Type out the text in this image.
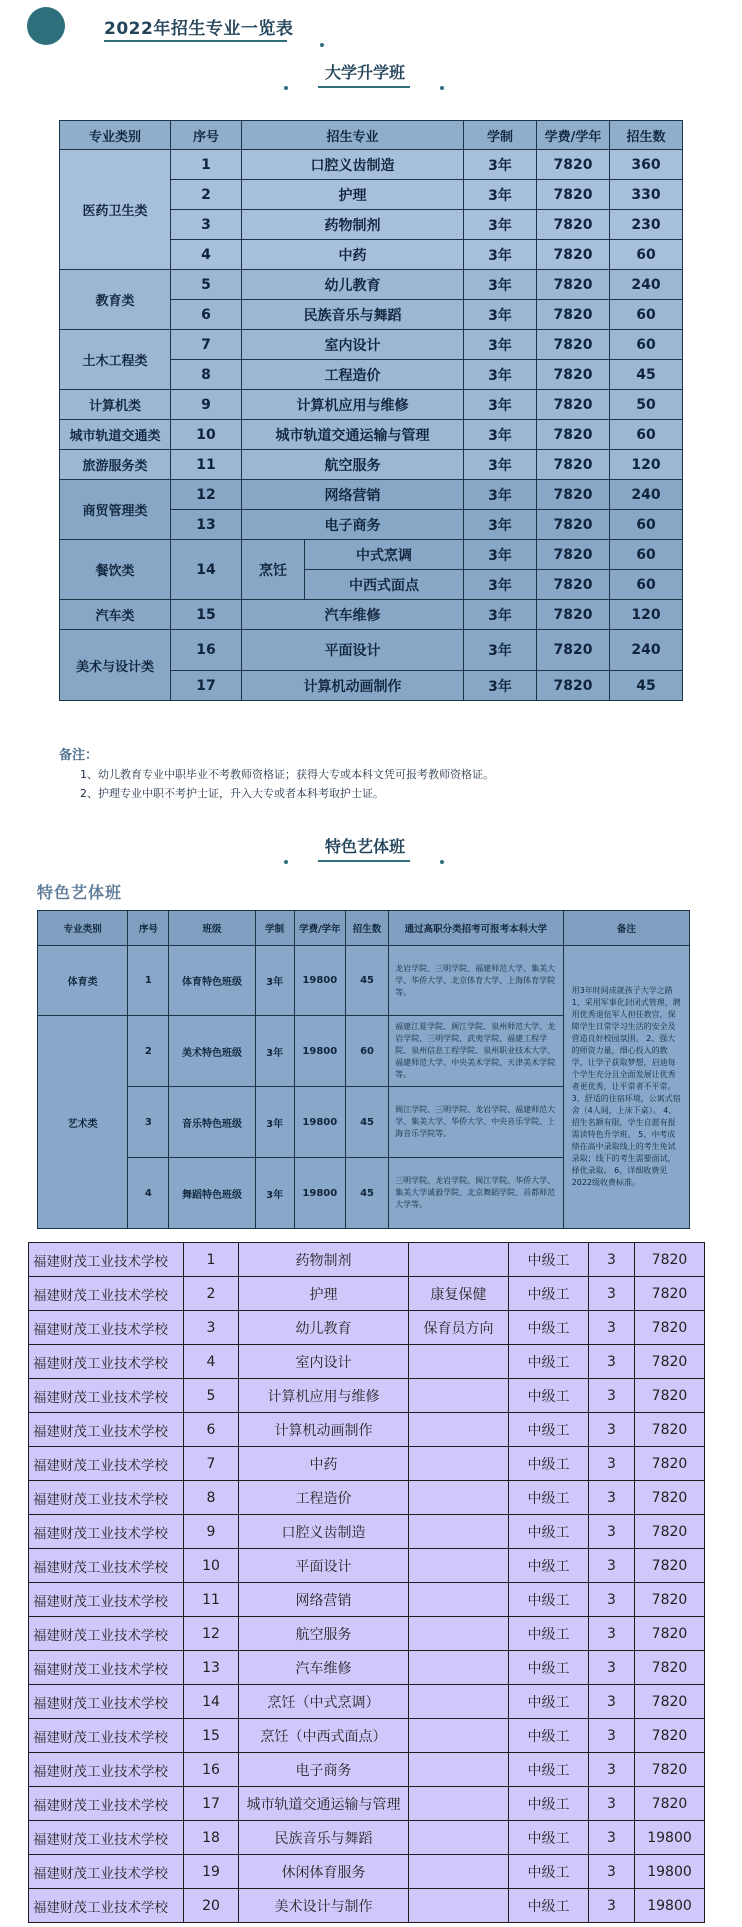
2022年招生专业一览表
大学升学班
专业类别	序号	招生专业		学制	学费/学年	招生数
医药卫生类	1	口腔义齿制造		3年	7820	360
	2	护理		3年	7820	330
	3	药物制剂		3年	7820	230
	4	中药		3年	7820	60
教育类	5	幼儿教育		3年	7820	240
	6	民族音乐与舞蹈		3年	7820	60
土木工程类	7	室内设计		3年	7820	60
	8	工程造价		3年	7820	45
计算机类	9	计算机应用与维修		3年	7820	50
城市轨道交通类	10	城市轨道交通运输与管理		3年	7820	60
旅游服务类	11	航空服务		3年	7820	120
商贸管理类	12	网络营销		3年	7820	240
	13	电子商务		3年	7820	60
餐饮类	14	烹饪	中式烹调	3年	7820	60
			中西式面点	3年	7820	60
汽车类	15	汽车维修		3年	7820	120
美术与设计类	16	平面设计		3年	7820	240
	17	计算机动画制作		3年	7820	45
备注：
1、幼儿教育专业中职毕业不考教师资格证；获得大专或本科文凭可报考教师资格证。
2、护理专业中职不考护士证，升入大专或者本科考取护士证。
特色艺体班
特色艺体班
专业类别	序号	班级	学制	学费/学年	招生数	通过高职分类招考可报考本科大学	备注
体育类	1	体育特色班级	3年	19800	45	龙岩学院、三明学院、福建师范大学、集美大学、华侨大学、北京体育大学、上海体育学院等。	用3年时间成就孩子大学之路 1、采用军事化封闭式管理，聘用优秀退伍军人担任教官，保障学生日常学习生活的安全及营造良好校园氛围。 2、强大的师资力量，细心投入的教学，让学子获取梦想，启迪每个学生充分且全面发展让优秀者更优秀，让平常者不平常。 3、舒适的住宿环境，公寓式宿舍（4人间，上床下桌）。 4、招生名额有限，学生自愿有报需读特色升学班。 5、中考成绩在高中录取线上的考生免试录取；线下的考生需要面试，择优录取。 6、详细收费见2022级收费标准。
艺术类	2	美术特色班级	3年	19800	60	福建江夏学院、闽江学院、泉州师范大学、龙岩学院、三明学院、武夷学院、福建工程学院、泉州信息工程学院、泉州职业技术大学、福建师范大学、中央美术学院、天津美术学院等。	
	3	音乐特色班级	3年	19800	45	闽江学院、三明学院、龙岩学院、福建师范大学、集美大学、华侨大学、中央音乐学院、上海音乐学院等。	
	4	舞蹈特色班级	3年	19800	45	三明学院、龙岩学院、闽江学院、华侨大学、集美大学诚毅学院、北京舞蹈学院、首都师范大学等。	
福建财茂工业技术学校	1	药物制剂		中级工	3	7820
福建财茂工业技术学校	2	护理	康复保健	中级工	3	7820
福建财茂工业技术学校	3	幼儿教育	保育员方向	中级工	3	7820
福建财茂工业技术学校	4	室内设计		中级工	3	7820
福建财茂工业技术学校	5	计算机应用与维修		中级工	3	7820
福建财茂工业技术学校	6	计算机动画制作		中级工	3	7820
福建财茂工业技术学校	7	中药		中级工	3	7820
福建财茂工业技术学校	8	工程造价		中级工	3	7820
福建财茂工业技术学校	9	口腔义齿制造		中级工	3	7820
福建财茂工业技术学校	10	平面设计		中级工	3	7820
福建财茂工业技术学校	11	网络营销		中级工	3	7820
福建财茂工业技术学校	12	航空服务		中级工	3	7820
福建财茂工业技术学校	13	汽车维修		中级工	3	7820
福建财茂工业技术学校	14	烹饪（中式烹调）		中级工	3	7820
福建财茂工业技术学校	15	烹饪（中西式面点）		中级工	3	7820
福建财茂工业技术学校	16	电子商务		中级工	3	7820
福建财茂工业技术学校	17	城市轨道交通运输与管理		中级工	3	7820
福建财茂工业技术学校	18	民族音乐与舞蹈		中级工	3	19800
福建财茂工业技术学校	19	休闲体育服务		中级工	3	19800
福建财茂工业技术学校	20	美术设计与制作		中级工	3	19800
